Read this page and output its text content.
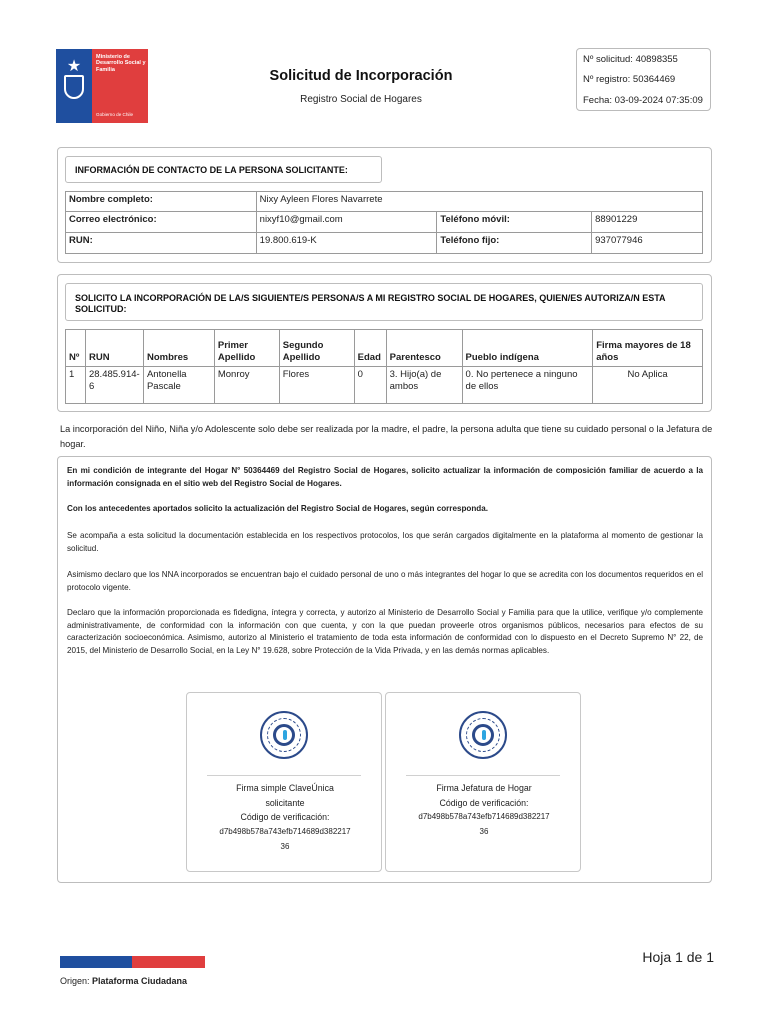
★
Ministerio de Desarrollo Social y Familia
Gobierno de Chile
Solicitud de Incorporación
Registro Social de Hogares
Nº solicitud: 40898355
Nº registro: 50364469
Fecha: 03-09-2024 07:35:09
INFORMACIÓN DE CONTACTO DE LA PERSONA SOLICITANTE:
Nombre completo:	Nixy Ayleen Flores Navarrete		
Correo electrónico:	nixyf10@gmail.com	Teléfono móvil:	88901229
RUN:	19.800.619-K	Teléfono fijo:	937077946
SOLICITO LA INCORPORACIÓN DE LA/S SIGUIENTE/S PERSONA/S A MI REGISTRO SOCIAL DE HOGARES, QUIEN/ES AUTORIZA/N ESTA SOLICITUD:
Nº	RUN	Nombres	Primer Apellido	Segundo Apellido	Edad	Parentesco	Pueblo indígena	Firma mayores de 18 años
1	28.485.914-6	Antonella Pascale	Monroy	Flores	0	3. Hijo(a) de ambos	0. No pertenece a ninguno de ellos	No Aplica
La incorporación del Niño, Niña y/o Adolescente solo debe ser realizada por la madre, el padre, la persona adulta que tiene su cuidado personal o la Jefatura de hogar.

En mi condición de integrante del Hogar N° 50364469 del Registro Social de Hogares, solicito actualizar la información de composición familiar de acuerdo a la información consignada en el sitio web del Registro Social de Hogares.

Con los antecedentes aportados solicito la actualización del Registro Social de Hogares, según corresponda.

Se acompaña a esta solicitud la documentación establecida en los respectivos protocolos, los que serán cargados digitalmente en la plataforma al momento de gestionar la solicitud.

Asimismo declaro que los NNA incorporados se encuentran bajo el cuidado personal de uno o más integrantes del hogar lo que se acredita con los documentos requeridos en el protocolo vigente.

Declaro que la información proporcionada es fidedigna, íntegra y correcta, y autorizo al Ministerio de Desarrollo Social y Familia para que la utilice, verifique y/o complemente administrativamente, de conformidad con la información con que cuenta, y con la que puedan proveerle otros organismos públicos, necesarios para efectos de su caracterización socioeconómica. Asimismo, autorizo al Ministerio el tratamiento de toda esta información de conformidad con lo dispuesto en el Decreto Supremo N° 22, de 2015, del Ministerio de Desarrollo Social, en la Ley N° 19.628, sobre Protección de la Vida Privada, y en las demás normas aplicables.

Firma simple ClaveÚnica
solicitante
Código de verificación:
d7b498b578a743efb714689d382217
36
Firma Jefatura de Hogar
Código de verificación:
d7b498b578a743efb714689d382217
36
Hoja 1 de 1
Origen: Plataforma Ciudadana
